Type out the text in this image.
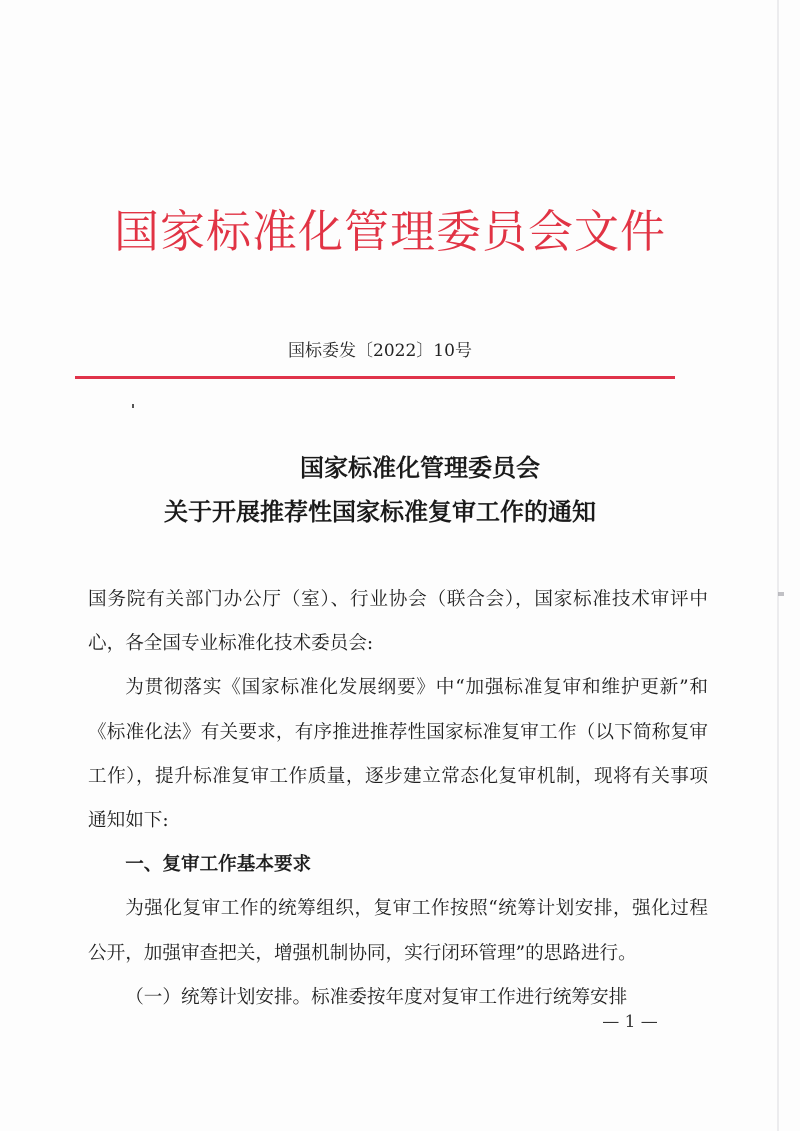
国家标准化管理委员会文件
国标委发〔2022〕10号
国家标准化管理委员会
关于开展推荐性国家标准复审工作的通知

国务院有关部门办公厅（室）、行业协会（联合会），国家标准技术审评中心，各全国专业标准化技术委员会:

为贯彻落实《国家标准化发展纲要》中“加强标准复审和维护更新”和《标准化法》有关要求，有序推进推荐性国家标准复审工作（以下简称复审工作），提升标准复审工作质量，逐步建立常态化复审机制，现将有关事项通知如下:

一、复审工作基本要求

为强化复审工作的统筹组织，复审工作按照“统筹计划安排，强化过程公开，加强审查把关，增强机制协同，实行闭环管理”的思路进行。

（一）统筹计划安排。标准委按年度对复审工作进行统筹安排

— 1 —
